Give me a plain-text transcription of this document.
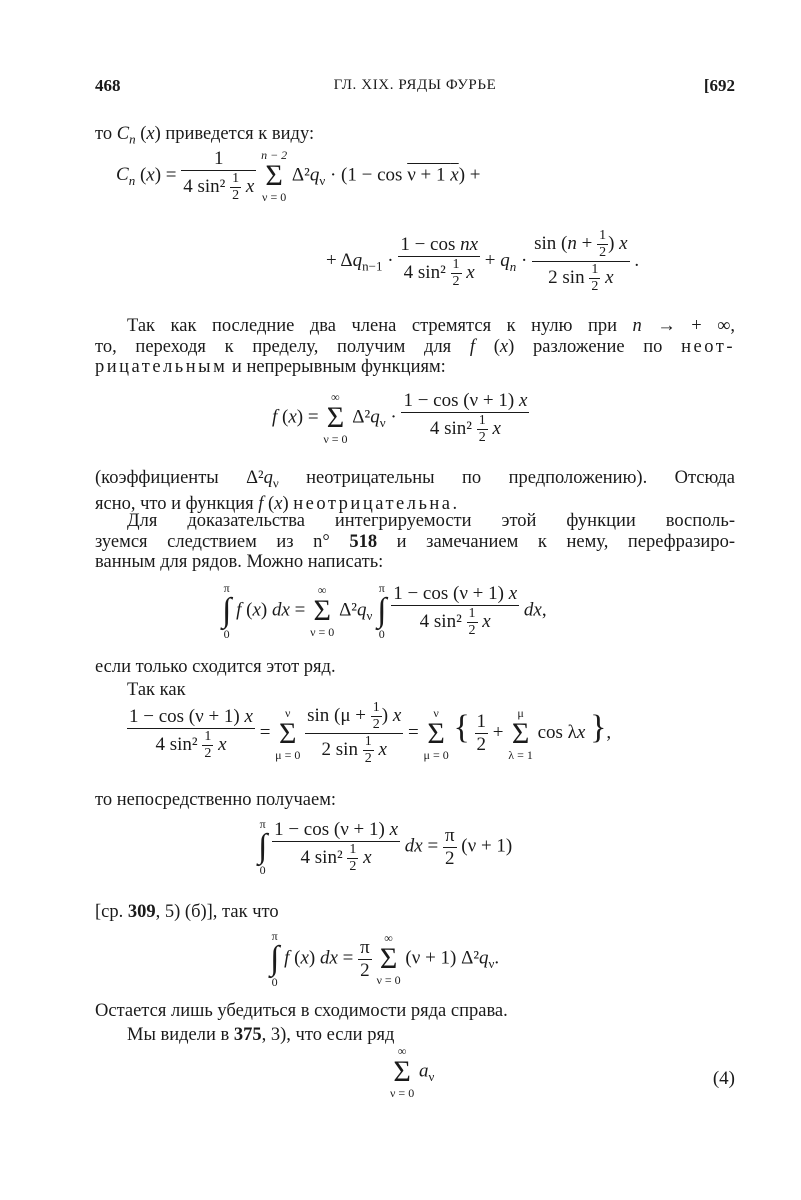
468	ГЛ. XIX. РЯДЫ ФУРЬЕ	[692
то $C_n$ (x) приведется к виду:
$C_n$ $(x) = \frac{1}{4 \sin^2 \frac{1}{2} x}$
n − 2
Σ
ν = 0
$\Delta^2q_\nu \cdot (1 - \cos \nu + 1$ x) +
+ $\Delta q_{n-1} \cdot \frac{\text{1 − cos nx}}{4 \sin^2 \frac{1}{2} x} + q_n \cdot \frac{\sin (n + \frac{1}{2} ) x}{2 \sin \frac{1}{2} x}$ .
Так как последние два члена стремятся к нулю при n → + ∞,
то, переходя к пределу, получим для f (x) разложение по неот-
рицательным и непрерывным функциям:
f (x) =
∞
Σ
ν = 0
$\Delta^2q_\nu \cdot \frac{1 - \cos (\nu + 1) x}{4 \sin^2 \frac{1}{2} x}$
(коэффициенты $\Delta^2q_\nu$ неотрицательны по предположению). Отсюда
ясно, что и функция f (x) неотрицательна.
Для доказательства интегрируемости этой функции восполь-
зуемся следствием из n° 518 и замечанием к нему, перефразиро-
ванным для рядов. Можно написать:
π
∫
0
f (x) dx =
∞
Σ
ν = 0
$\Delta^2q_\nu$
π
∫
0
$\frac{1 - \cos (\nu + 1) x}{4 \sin^2 \frac{1}{2} x}$ dx,
если только сходится этот ряд.
Так как
$\frac{1 - \cos (\nu + 1) x}{4 \sin^2 \frac{1}{2} x}$ =
ν
Σ
μ = 0
$\frac{\sin (\mu + \frac{1}{2} ) x}{2 \sin \frac{1}{2} x}$ =
ν
Σ
μ = 0
{ $\frac{1}{2}$ +
μ
Σ
λ = 1
cos λx },
то непосредственно получаем:
π
∫
0
$\frac{1 - \cos (\nu + 1) x}{4 \sin^2 \frac{1}{2} x}$ dx = $\frac{\pi}{2} (\nu + 1)$
[ср. 309, 5) (б)], так что
π
∫
0
f (x) dx = $\frac{\pi}{2}$
	∞
Σ
ν = 0
(ν + 1) $\Delta^2q_\nu$.
Остается лишь убедиться в сходимости ряда справа.
Мы видели в 375, 3), что если ряд
∞
Σ
ν = 0
$a_\nu$	(4)
